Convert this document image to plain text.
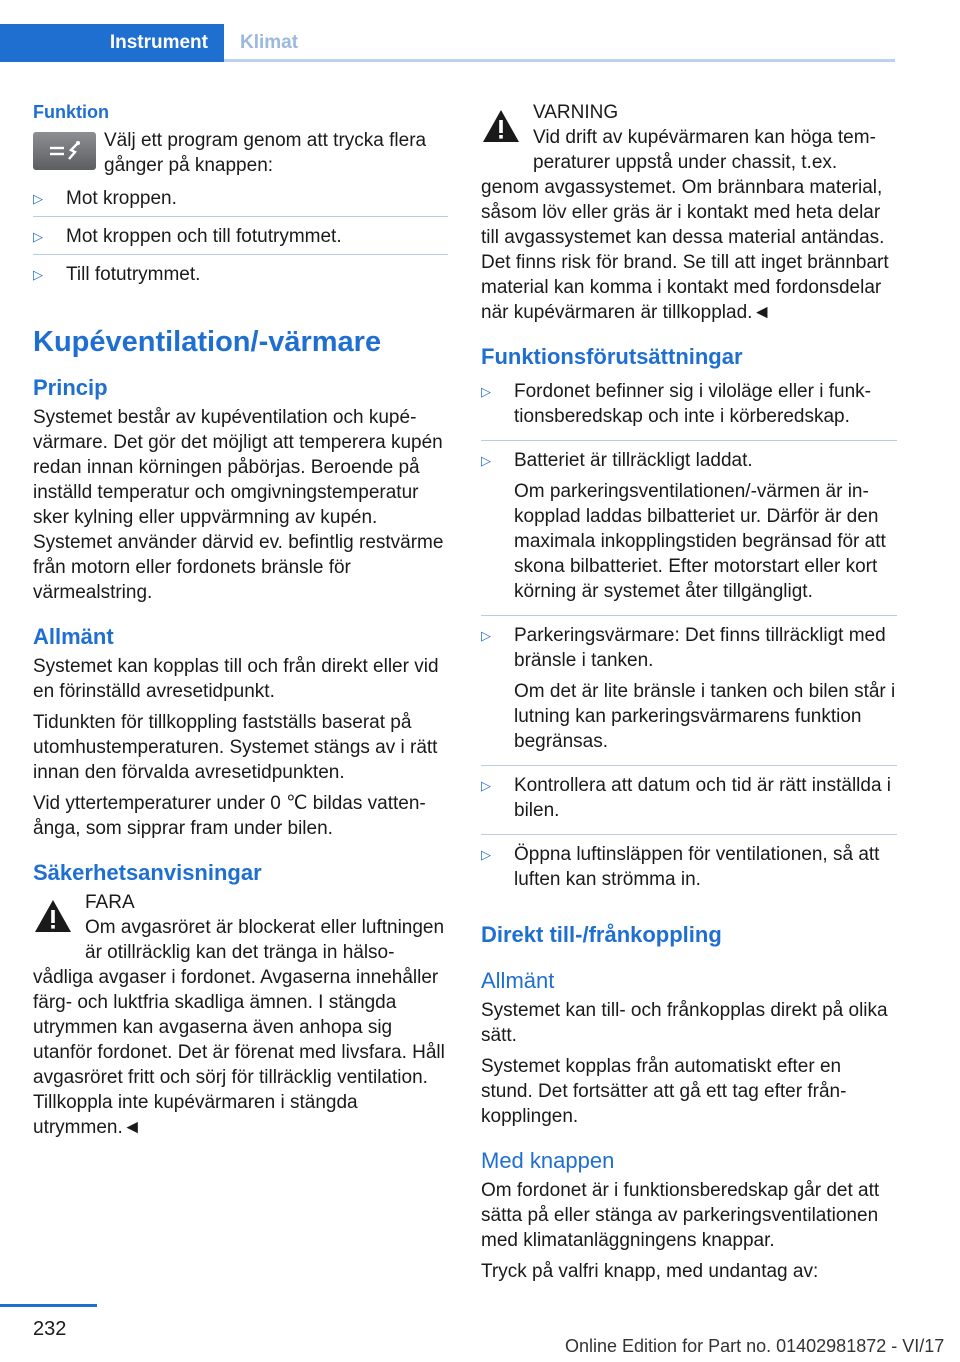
Instrument	Klimat
Funktion
Välj ett program genom att trycka flera gånger på knappen:
▷ Mot kroppen.
▷ Mot kroppen och till fotutrymmet.
▷ Till fotutrymmet.
Kupéventilation/-värmare
Princip

Systemet består av kupéventilation och kupévärmare. Det gör det möjligt att temperera kupén redan innan körningen påbörjas. Beroende på inställd temperatur och omgivningstemperatur sker kylning eller uppvärmning av kupén. Systemet använder därvid ev. befintlig restvärme från motorn eller fordonets bränsle för värmealstring.

Allmänt

Systemet kan kopplas till och från direkt eller vid en förinställd avresetidpunkt.

Tidunkten för tillkoppling fastställs baserat på utomhustemperaturen. Systemet stängs av i rätt innan den förvalda avresetidpunkten.

Vid yttertemperaturer under 0 ℃ bildas vattenånga, som sipprar fram under bilen.

Säkerhetsanvisningar
FARA
Om avgasröret är blockerat eller luftningen är otillräcklig kan det tränga in hälsovådliga avgaser i fordonet. Avgaserna innehåller färg- och luktfria skadliga ämnen. I stängda utrymmen kan avgaserna även anhopa sig utanför fordonet. Det är förenat med livsfara. Håll avgasröret fritt och sörj för tillräcklig ventilation. Tillkoppla inte kupévärmaren i stängda utrymmen.◄
VARNING
Vid drift av kupévärmaren kan höga temperaturer uppstå under chassit, t.ex. genom avgassystemet. Om brännbara material, såsom löv eller gräs är i kontakt med heta delar till avgassystemet kan dessa material antändas. Det finns risk för brand. Se till att inget brännbart material kan komma i kontakt med fordonsdelar när kupévärmaren är tillkopplad.◄
Funktionsförutsättningar
▷ Fordonet befinner sig i viloläge eller i funktionsberedskap och inte i körberedskap.

▷ Batteriet är tillräckligt laddat.

Om parkeringsventilationen/-värmen är inkopplad laddas bilbatteriet ur. Därför är den maximala inkopplingstiden begränsad för att skona bilbatteriet. Efter motorstart eller kort körning är systemet åter tillgängligt.

▷ Parkeringsvärmare: Det finns tillräckligt med bränsle i tanken.

Om det är lite bränsle i tanken och bilen står i lutning kan parkeringsvärmarens funktion begränsas.

▷ Kontrollera att datum och tid är rätt inställda i bilen.

▷ Öppna luftinsläppen för ventilationen, så att luften kan strömma in.

Direkt till-/frånkoppling
Allmänt

Systemet kan till- och frånkopplas direkt på olika sätt.

Systemet kopplas från automatiskt efter en stund. Det fortsätter att gå ett tag efter frånkopplingen.

Med knappen

Om fordonet är i funktionsberedskap går det att sätta på eller stänga av parkeringsventilationen med klimatanläggningens knappar.

Tryck på valfri knapp, med undantag av:

232
Online Edition for Part no. 01402981872 - VI/17
